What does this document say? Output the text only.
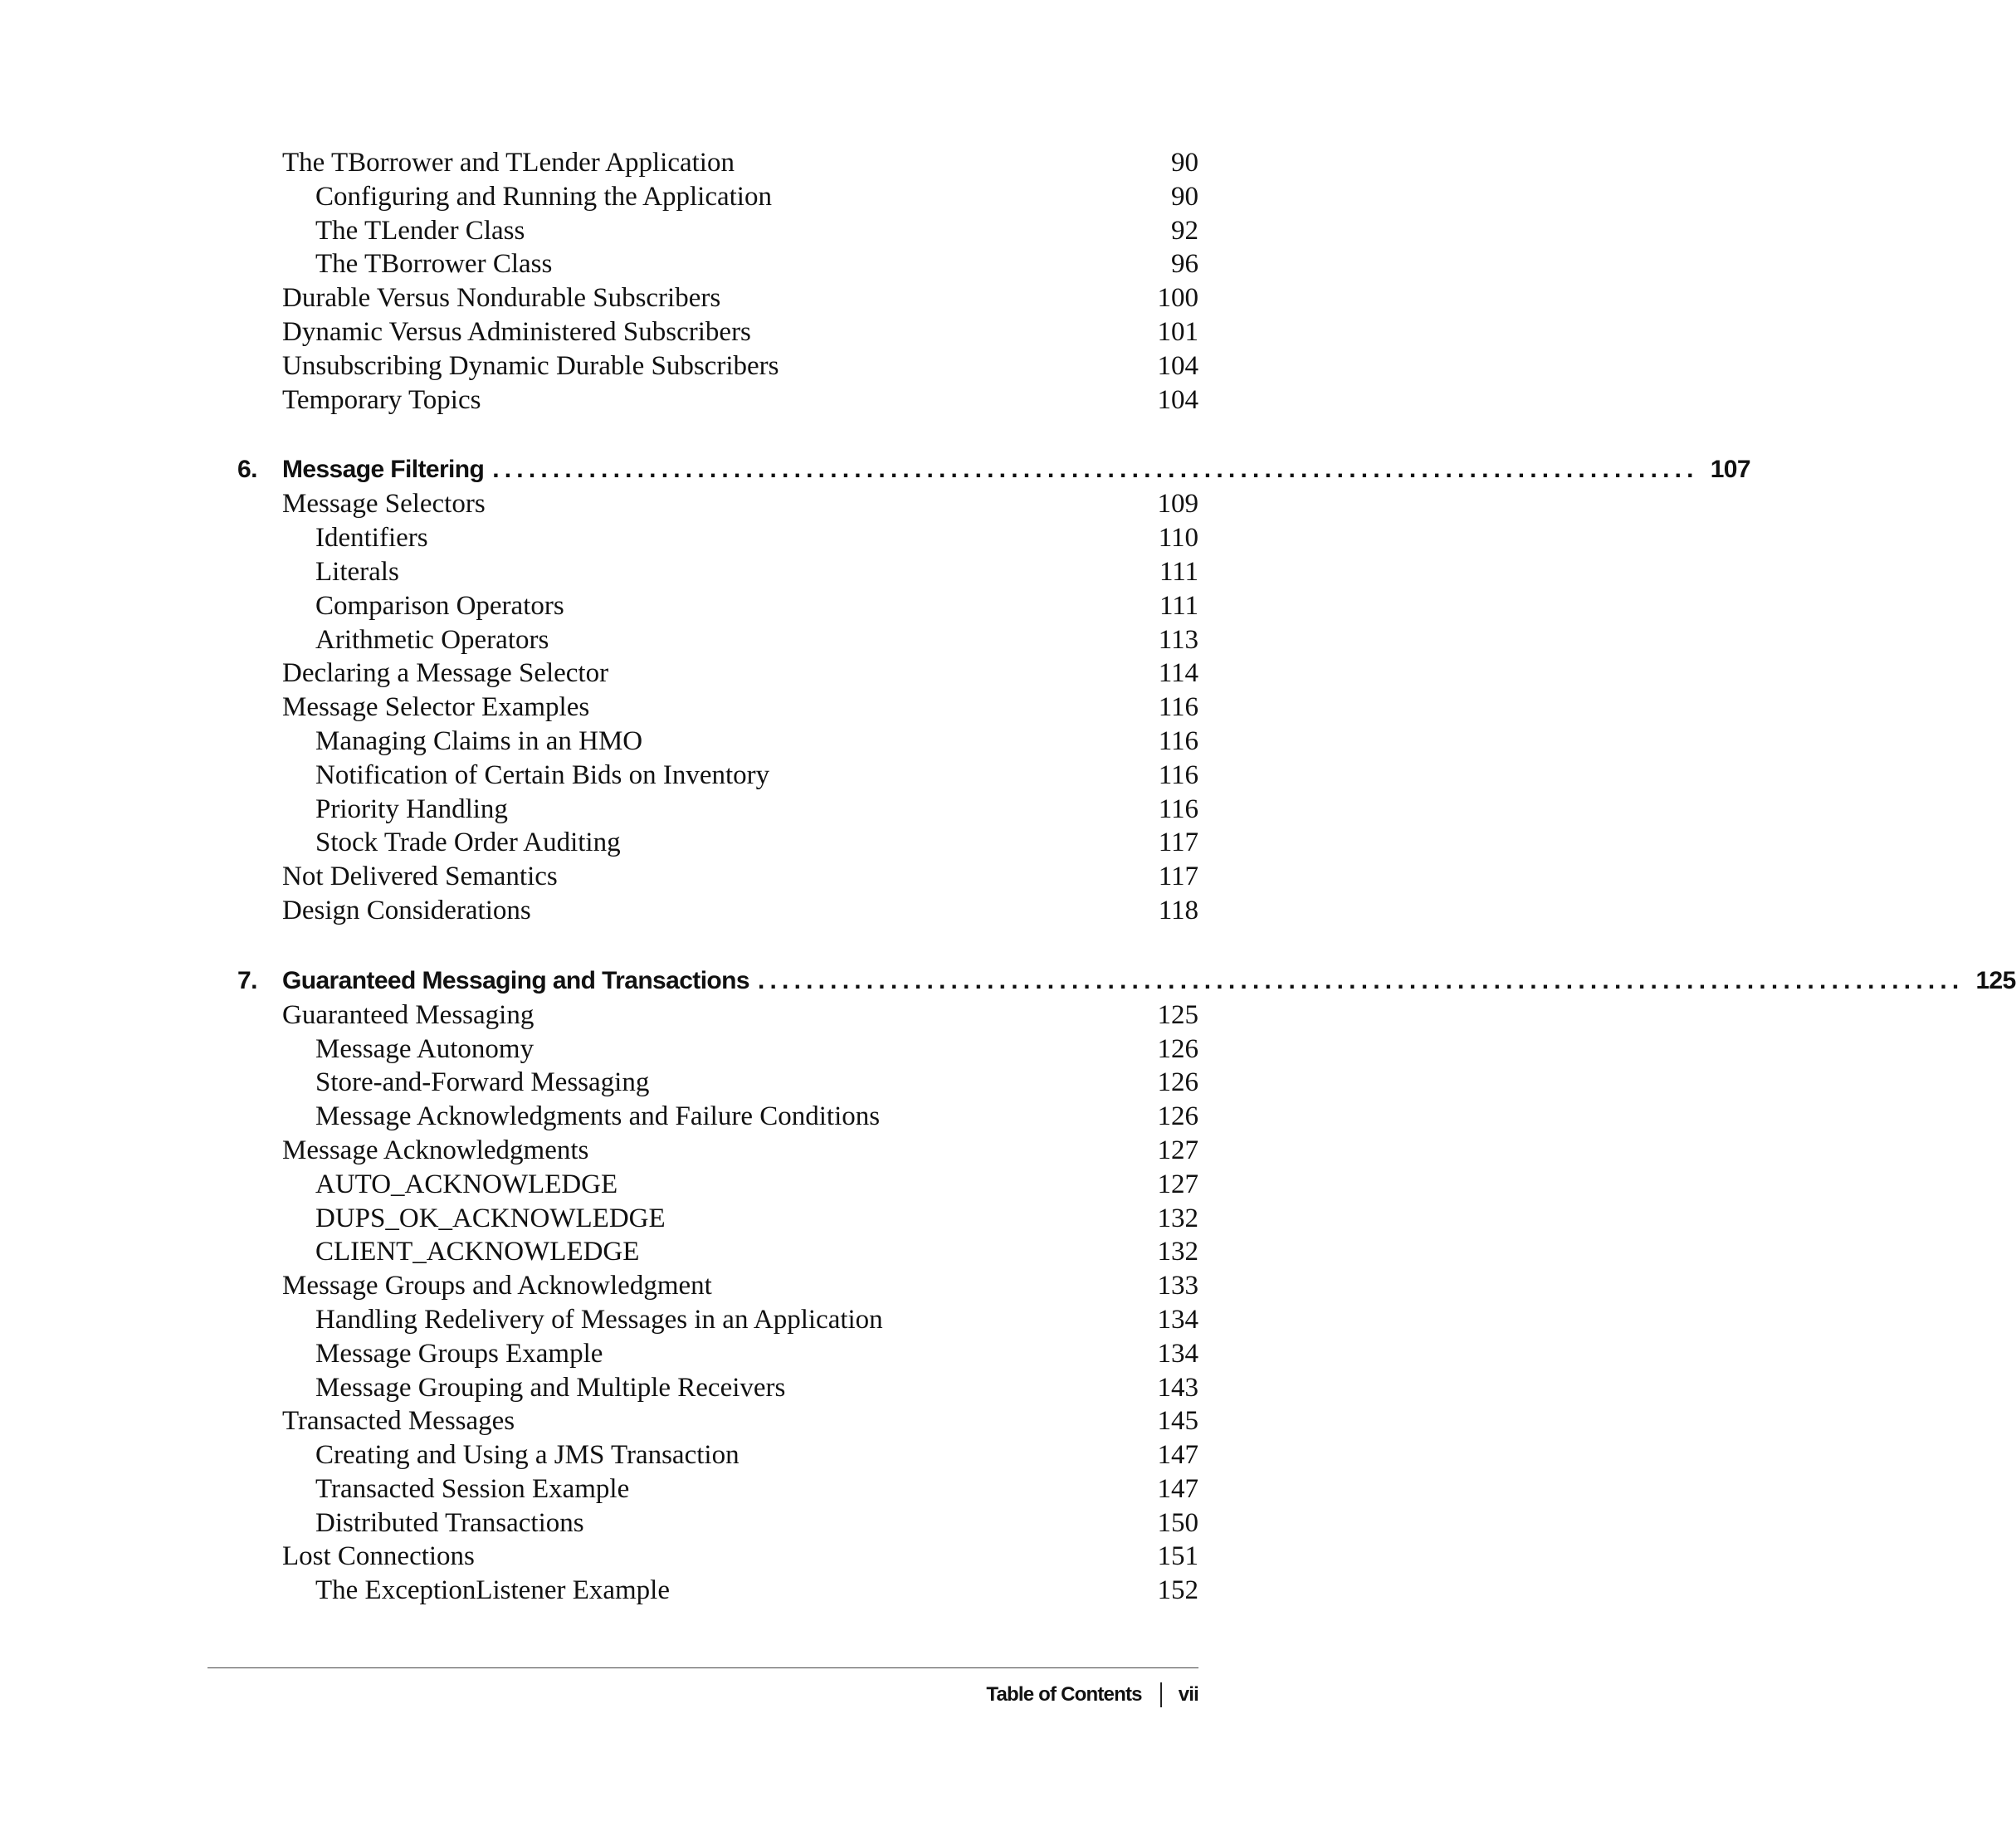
The TBorrower and TLender Application	90
Configuring and Running the Application	90
The TLender Class	92
The TBorrower Class	96
Durable Versus Nondurable Subscribers	100
Dynamic Versus Administered Subscribers	101
Unsubscribing Dynamic Durable Subscribers	104
Temporary Topics	104
6. Message Filtering .................................................................................................... 107
Message Selectors	109
Identifiers	110
Literals	111
Comparison Operators	111
Arithmetic Operators	113
Declaring a Message Selector	114
Message Selector Examples	116
Managing Claims in an HMO	116
Notification of Certain Bids on Inventory	116
Priority Handling	116
Stock Trade Order Auditing	117
Not Delivered Semantics	117
Design Considerations	118
7. Guaranteed Messaging and Transactions .................................................................................................... 125
Guaranteed Messaging	125
Message Autonomy	126
Store-and-Forward Messaging	126
Message Acknowledgments and Failure Conditions	126
Message Acknowledgments	127
AUTO_ACKNOWLEDGE	127
DUPS_OK_ACKNOWLEDGE	132
CLIENT_ACKNOWLEDGE	132
Message Groups and Acknowledgment	133
Handling Redelivery of Messages in an Application	134
Message Groups Example	134
Message Grouping and Multiple Receivers	143
Transacted Messages	145
Creating and Using a JMS Transaction	147
Transacted Session Example	147
Distributed Transactions	150
Lost Connections	151
The ExceptionListener Example	152
Table of Contents vii
